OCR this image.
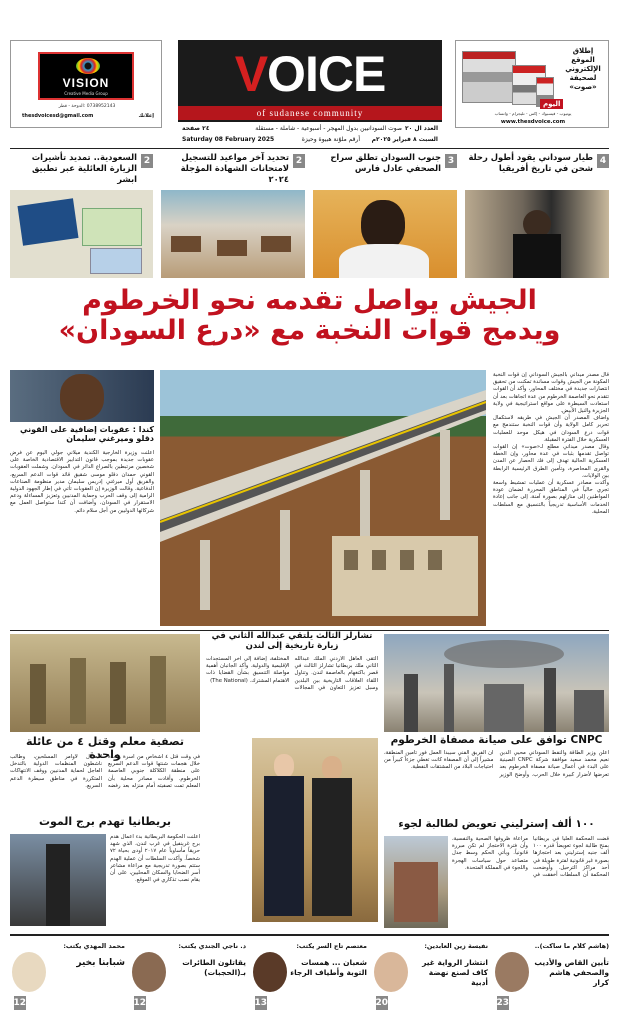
VISION
Creative Media Group
0738952143 :الدوحة - قطر
thesdvoicesd@gmail.com	إعلانك
VOICE
of sudanese community
اليوم
إطلاق
الموقع
الإلكتروني
لصحيفة
«صوت»
يوتيوب - فيسبوك - إكس - تليجرام - واتساب
www.thesdvoice.com
العدد ال ٢٠
صوت السودانيين بدول المهجر - أسبوعية - شاملة - مستقلة
السبت ٨ فبراير ٢٠٢٥م
أرقم ملوّنة هبيوة وحيزة
٢٤ صفحة
Saturday 08 February 2025
4
طيار سوداني يقود أطول رحلة شحن في تاريخ أفريقيا
3
جنوب السودان تطلق سراح الصحفي عادل فارس
2
تحديد آخر مواعيد للتسجيل لامتحانات الشهادة المؤجلة ٢٠٢٤
2
السعودية.. تمديد تأشيرات الزيارة العائلية عبر تطبيق ابشر
الجيش يواصل تقدمه نحو الخرطوم
ويدمج قوات النخبة مع «درع السودان»

قال مصدر ميداني بالجيش السوداني إن قوات النخبة المكونة من الجيش وقوات مساندة تمكنت من تحقيق انتصارات جديدة في مختلف المحاور، وأكد أن القوات تتقدم نحو العاصمة الخرطوم من عدة اتجاهات بعد أن استعادت السيطرة على مواقع استراتيجية في ولاية الجزيرة والنيل الأبيض.

واضاف المصدر أن الجيش في طريقه لاستكمال تحرير كامل الولاية وأن قوات النخبة ستندمج مع قوات درع السودان في هيكل موحد للعمليات العسكرية خلال الفترة المقبلة.

وقال مصدر ميداني مطلع لـ«صوت» إن القوات تواصل تقدمها بثبات في عدة محاور، وإن الخطة العسكرية الحالية تهدف إلى فك الحصار عن المدن والقرى المحاصرة، وتأمين الطرق الرئيسية الرابطة بين الولايات.

وأكدت مصادر عسكرية أن عمليات تمشيط واسعة تجري حالياً في المناطق المحررة لضمان عودة المواطنين إلى منازلهم بصورة آمنة، إلى جانب إعادة الخدمات الأساسية تدريجياً بالتنسيق مع السلطات المحلية.

كندا : عقوبات إضافية على القوني دقلو وميرغني سليمان
أعلنت وزيرة الخارجية الكندية ميلاني جولي اليوم عن فرض عقوبات جديدة بموجب قانون التدابير الاقتصادية الخاصة على شخصين مرتبطين بالصراع الدائر في السودان. وشملت العقوبات القوني حمدان دقلو موسى شقيق قائد قوات الدعم السريع، والفريق أول ميرغني إدريس سليمان مدير منظومة الصناعات الدفاعية. وقالت الوزيرة إن العقوبات تأتي في إطار الجهود الدولية الرامية إلى وقف الحرب وحماية المدنيين وتعزيز المساءلة ودعم الاستقرار في السودان، وأضافت أن كندا ستواصل العمل مع شركائها الدوليين من أجل سلام دائم.
CNPC توافق على صيانة مصفاة الخرطوم
أعلن وزير الطاقة والنفط السوداني محيي الدين نعيم محمد سعيد موافقة شركة CNPC الصينية على البدء في أعمال صيانة مصفاة الخرطوم بعد تعرضها لأضرار كبيرة خلال الحرب. وأوضح الوزير أن الفريق الفني سيبدأ العمل فور تأمين المنطقة، مشيراً إلى أن المصفاة كانت تغطي جزءاً كبيراً من احتياجات البلاد من المشتقات النفطية.
تشارلز الثالث يلتقي عبدالله الثاني في زيارة تاريخية إلى لندن
التقى العاهل الأردني الملك عبدالله الثاني ملك بريطانيا تشارلز الثالث في قصر باكنغهام بالعاصمة لندن. وتناول اللقاء العلاقات التاريخية بين البلدين وسبل تعزيز التعاون في المجالات المختلفة، إضافة إلى آخر المستجدات الإقليمية والدولية. وأكد الجانبان أهمية مواصلة التنسيق بشأن القضايا ذات الاهتمام المشترك. (The National)
تصفية معلم وقتل ٤ من عائلة واحدة
في وقت قتل ٤ أشخاص من أسرة واحدة خلال هجمات شنتها قوات الدعم السريع على منطقة الكلاكلة جنوبي العاصمة الخرطوم. وأفادت مصادر محلية بأن المعلم تمت تصفيته أمام منزله بعد رفضه الامتثال لأوامر المسلحين، وطالب ناشطون المنظمات الدولية بالتدخل العاجل لحماية المدنيين ووقف الانتهاكات المتكررة في مناطق سيطرة الدعم السريع.
١٠٠ ألف إسترليني تعويض لطالبة لجوء
قضت المحكمة العليا في بريطانيا بمنح طالبة لجوء تعويضاً قدره ١٠٠ ألف جنيه إسترليني بعد احتجازها بصورة غير قانونية لفترة طويلة في أحد مراكز الترحيل. وأوضحت المحكمة أن السلطات أخفقت في مراعاة ظروفها الصحية والنفسية، وأن فترة الاحتجاز لم تكن مبررة قانونياً. ويأتي الحكم وسط جدل متصاعد حول سياسات الهجرة واللجوء في المملكة المتحدة.
بريطانيا تهدم برج الموت
أعلنت الحكومة البريطانية بدء أعمال هدم برج غرينفيل في غرب لندن، الذي شهد حريقاً مأساوياً عام ٢٠١٧ أودى بحياة ٧٢ شخصاً. وأكدت السلطات أن عملية الهدم ستتم بصورة تدريجية مع مراعاة مشاعر أسر الضحايا والسكان المحليين، على أن يقام نصب تذكاري في الموقع.
(هاشم كلام ما ساكت)..
تأبين القاص والأديب والصحفي هاشم كرار
23
نفيسة زين العابدين:
انتشار الرواية غير كاف لصنع نهضة أدبية
20
معتصم تاج السر يكتب:
شعبان ... همسات التوبة وأطياف الرجاء
13
د. ناجي الجندي يكتب:
يقاتلون الطائرات بـ(الحجبات)
12
محمد المهدي يكتب:
شبابنا بخير
12
